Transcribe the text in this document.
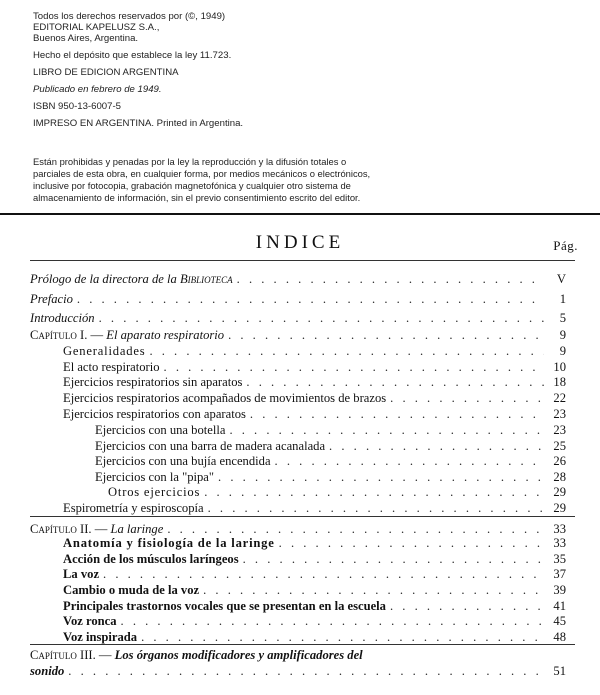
Todos los derechos reservados por (©, 1949)
EDITORIAL KAPELUSZ S.A.,
Buenos Aires, Argentina.
Hecho el depósito que establece la ley 11.723.
LIBRO DE EDICION ARGENTINA
Publicado en febrero de 1949.
ISBN 950-13-6007-5
IMPRESO EN ARGENTINA. Printed in Argentina.
Están prohibidas y penadas por la ley la reproducción y la difusión totales o
parciales de esta obra, en cualquier forma, por medios mecánicos o electrónicos,
inclusive por fotocopia, grabación magnetofónica y cualquier otro sistema de
almacenamiento de información, sin el previo consentimiento escrito del editor.
INDICE	Pág.
Prólogo de la directora de la Biblioteca . . .	V
Prefacio . . .	1
Introducción . . .	5
Capítulo I. — El aparato respiratorio . . .	9
Generalidades . . .	9
El acto respiratorio . . .	10
Ejercicios respiratorios sin aparatos . . .	18
Ejercicios respiratorios acompañados de movimientos de brazos . . .	22
Ejercicios respiratorios con aparatos . . .	23
Ejercicios con una botella . . .	23
Ejercicios con una barra de madera acanalada . . .	25
Ejercicios con una bujía encendida . . .	26
Ejercicios con la "pipa" . . .	28
Otros ejercicios . . .	29
Espirometría y espiroscopía . . .	29
Capítulo II. — La laringe . . .	33
Anatomía y fisiología de la laringe . . .	33
Acción de los músculos laríngeos . . .	35
La voz . . .	37
Cambio o muda de la voz . . .	39
Principales trastornos vocales que se presentan en la escuela . . .	41
Voz ronca . . .	45
Voz inspirada . . .	48
Capítulo III. — Los órganos modificadores y amplificadores del
sonido . . .	51
